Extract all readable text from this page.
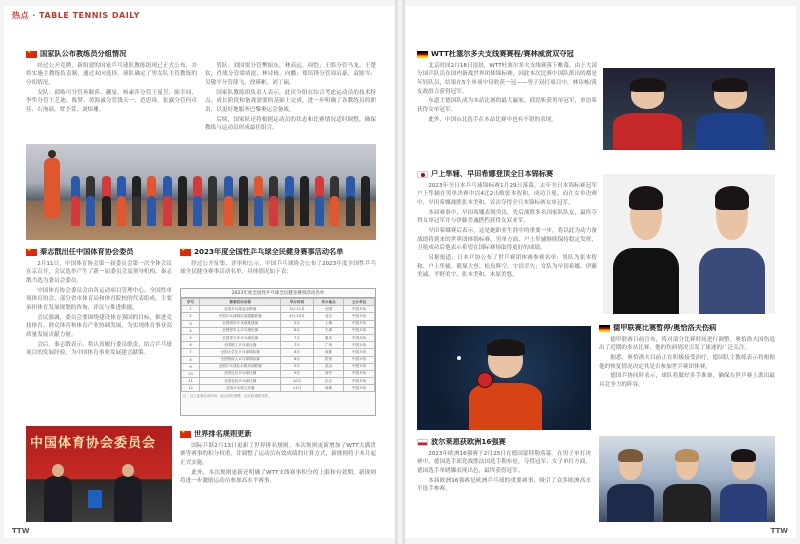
热点 · TABLE TENNIS DAILY
★
国家队公布教练员分组情况

经过公开竞聘，新组建的国家乒乓球队教练组现已正式公布，并将实施主教练负责制，通过双向选择，球队确定了男女队主管教练的分组情况。

女队：邱贻可分管孙颖莎、蒯曼，杨素萍分管王曼昱、陈幸同，李隼分管王艺迪、陈梦，黄海诚分管钱天一、范思琦，张露分管何卓佳、石洵瑶、覃予萱、刘炜珊。

男队：刘国梁分管樊振东，林高远，周恺；王皓分管马龙、王楚钦，肖战分管梁靖崑、林诗栋、向鹏；郑培锋分管周启豪、袁励岑；吴敬平分管薛飞、徐瑛彬、刘丁硕。

国家队教练组负责人表示，此次分组在综合考虑运动员的技术特点、成长阶段和备战需要的基础上完成，进一步明确了各教练员的职责，以更好地服务巴黎奥运会备战。

后续，国家队还将根据运动员的状态和比赛情况适时调整，确保教练与运动员形成最佳组合。

★
秦志戬出任中国体育协会委员

2月11日，中国体育协会第一届委员会第一次全体会议在京召开，会议选举产生了新一届委员会及领导机构，秦志戬当选为委员会委员。

中国体育协会委员会由各运动项目管理中心、全国性单项体育协会、部分省市体育局和体育院校的代表组成，主要承担体育发展规划的咨询、评议与推进职能。

会议强调，委员会要围绕建设体育强国的目标，推进竞技体育、群众体育和体育产业协调发展，为实现体育事业高质量发展贡献力量。

会后，秦志戬表示，将认真履行委员职责，结合乒乓球项目的发展经验，为中国体育事业发展建言献策。

中国体育协会委员会
★
2023年度全国性乒乓球全民健身赛事活动名单

经过公开征集、评审和公示，中国乒乓球协会公布了2023年度全国性乒乓球全民健身赛事活动名单，具体情况如下表：

2023年度全国性乒乓球全民健身赛事活动名单
序号	赛事活动名称	举办时间	举办地点	主办单位
1	全国乒乓球业余联赛	3月-11月	全国	中国乒协
2	中国乒乓球俱乐部超级联赛	4月-10月	北京	中国乒协
3	全国城市乒乓球挑战赛	5月	上海	中国乒协
4	全国老年人乒乓球比赛	6月	天津	中国乒协
5	全国青少年乒乓球比赛	7月	重庆	中国乒协
6	全国职工乒乓球比赛	7月	广州	中国乒协
7	全国大学生乒乓球锦标赛	8月	成都	中国乒协
8	全国残疾人乒乓球锦标赛	8月	杭州	中国乒协
9	全国乒乓球业余俱乐部联赛	9月	武汉	中国乒协
10	全国社区乒乓球比赛	9月	西安	中国乒协
11	全国农民乒乓球比赛	10月	长沙	中国乒协
12	全国乒乓球公开赛	11月	深圳	中国乒协
注：以上赛事活动时间、地点如有调整，以实际通知为准。
★
世界排名规则更新

国际乒联2月13日更新了世界排名规则。本次规则更新增加了WTT大满贯赛等赛事的积分权重，并调整了运动员有效成绩的计算方式，新规则将于本月起正式实施。

此外，本次规则更新还明确了WTT支线赛事积分的上限和有效期，新规则将进一步激励运动员参加高水平赛事。

TTW
WTT杜塞尔多夫支线赛赛程/赛林威赏双夺冠

北京时间2月18日凌晨，WTT杜塞尔多夫支线赛落下帷幕。由于大部分国乒队员在国内备战世界团体锦标赛，因此本次比赛中国队派出的都是年轻队员，结果在5个单项中仅收获一冠——男子双打项目中，林诗栋/黄友政组合获得冠军。

东道主德国队成为本站比赛的最大赢家，邱党斩获男单冠军，单语希获得女单冠军。

此外，中国台北选手在本站比赛中也有不错的表现。

户上隼辅、早田希娜登顶全日本锦标赛

2023年全日本乒乓球锦标赛1月29日落幕。去年全日本锦标赛冠军户上隼辅在男单决赛中以4比2击败张本智和，成功卫冕。而在女单决赛中，早田希娜战胜张本美和，首次夺得全日本锦标赛女单冠军。

本届赛事中，早田希娜表现突出，先后战胜多名国家队队友，最终夺得女单冠军并与伊藤美诚搭档获得女双亚军。

早田希娜赛后表示，这是她职业生涯中的重要一步，将以此为动力备战即将到来的世界团体锦标赛。男单方面，户上隼辅继续保持稳定发挥，卫冕成功后他表示希望在国际赛场取得更好的成绩。

另据报道，日本乒协公布了世乒赛团体赛参赛名单：男队为张本智和、户上隼辅、筱塚大登、松岛辉空、宇田幸矢；女队为早田希娜、伊藤美诚、平野美宇、张本美和、木原美悠。

德甲联赛比赛暂停/奥恰洛夫伤病

德甲联赛日前宣布，将对部分比赛时间进行调整。奥恰洛夫因伤退出了近期的多站比赛，他的伤病情况引发了球迷的广泛关注。

据悉，奥恰洛夫目前正在积极接受治疗，德国队主教练表示将根据他的恢复情况决定其是否参加世乒赛团体赛。

德国乒协同时表示，球队将做好多手准备，确保在世乒赛上派出最具竞争力的阵容。

波尔莱恩获欧洲16强赛

2023年欧洲16强赛于2月25日在德国蒙特勒落幕。在男子单打决赛中，德国选手邱党战胜法国选手勒布伦，夺得冠军；女子单打方面，德国选手单晓娜表现出色，最终获得冠军。

本届欧洲16强赛是欧洲乒乓球的重要赛事，吸引了众多欧洲高水平选手参赛。

TTW
